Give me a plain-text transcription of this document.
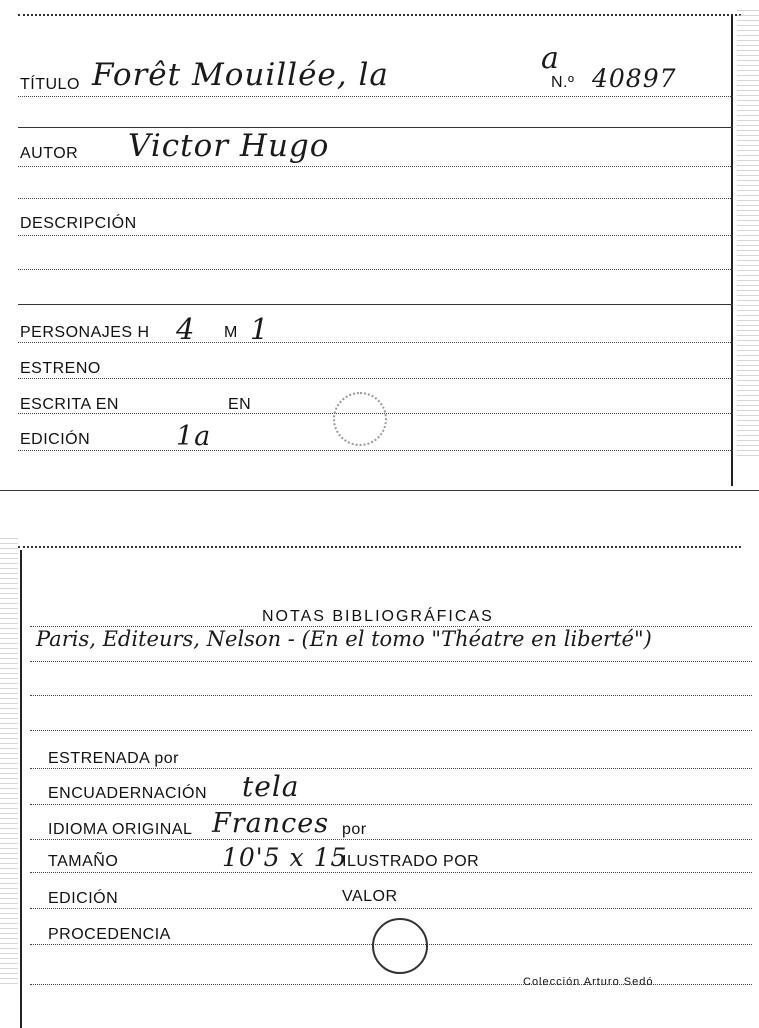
TÍTULO Forêt Mouillée, la	a
N.º 40897
AUTOR Victor Hugo
DESCRIPCIÓN
PERSONAJES H 4 M 1
ESTRENO
ESCRITA EN	EN
EDICIÓN	1a
NOTAS BIBLIOGRÁFICAS
Paris, Editeurs, Nelson - (En el tomo "Théatre en liberté")
ESTRENADA por
ENCUADERNACIÓN tela
IDIOMA ORIGINAL Frances por
TAMAÑO	10'5 x 15
ILUSTRADO POR
EDICIÓN	VALOR
PROCEDENCIA
Colección Arturo Sedó
